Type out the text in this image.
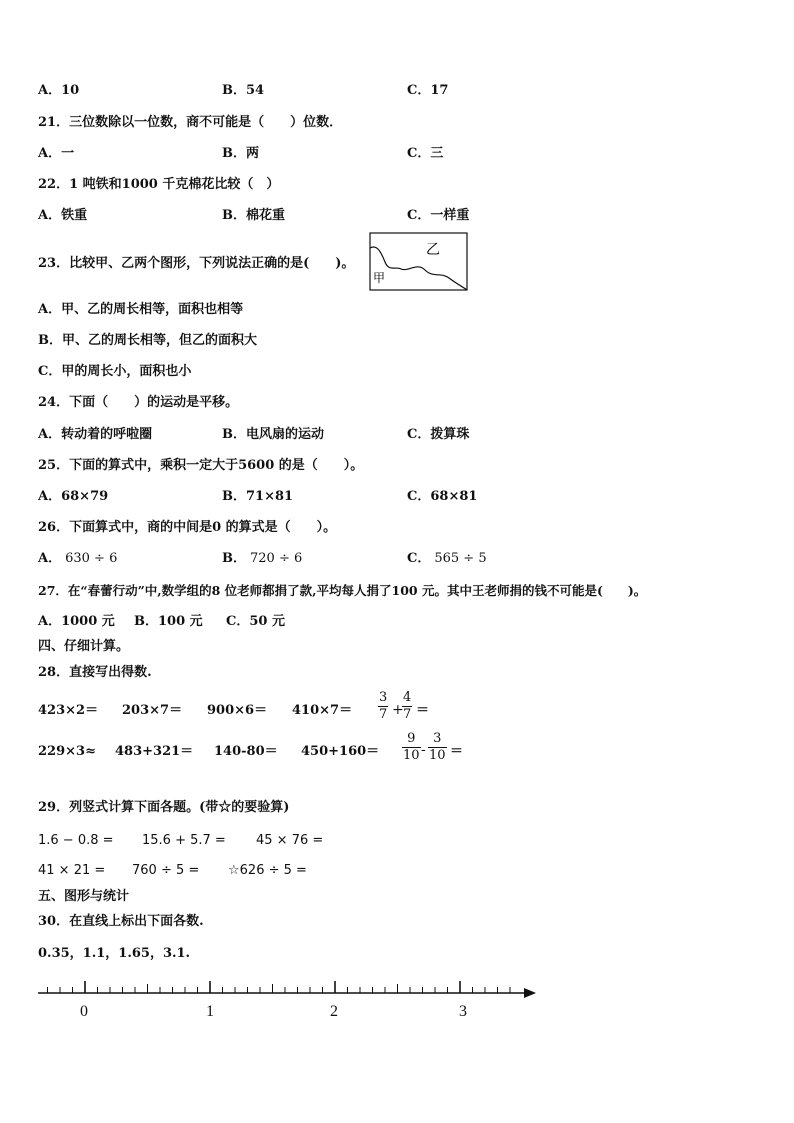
A．10	B．54	C．17
21．三位数除以一位数，商不可能是（　　）位数．
A．一	B．两	C．三
22．1 吨铁和1000 千克棉花比较（　）
A．铁重	B．棉花重	C．一样重
23．比较甲、乙两个图形，下列说法正确的是(　　)。
乙
甲
A．甲、乙的周长相等，面积也相等
B．甲、乙的周长相等，但乙的面积大
C．甲的周长小，面积也小
24．下面（　　）的运动是平移。
A．转动着的呼啦圈	B．电风扇的运动	C．拨算珠
25．下面的算式中，乘积一定大于5600 的是（　　）。
A．68×79	B．71×81	C．68×81
26．下面算式中，商的中间是0 的算式是（　　）。
A． 630 ÷ 6	B． 720 ÷ 6	C． 565 ÷ 5
27．在“春蕾行动”中,数学组的8 位老师都捐了款,平均每人捐了100 元。其中王老师捐的钱不可能是(　　)。
A．1000 元 B．100 元 C．50 元
四、仔细计算。
28．直接写出得数.
$423\times 2= 203\times 7= 900\times 6= 410\times 7= \frac{3}{7}$ +
$\frac{4}{7}$ ＝
$229\times 3\approx 483+321= 140-80= 450+160= \frac{9}{10} - \frac{3}{10}$ ＝
29．列竖式计算下面各题。(带☆的要验算)
1.6 − 0.8 = 15.6 + 5.7 = 45 × 76 =
41 × 21 = 760 ÷ 5 = ☆626 ÷ 5 =
五、图形与统计
30．在直线上标出下面各数.
0.35，1.1，1.65，3.1.
0	1	2	3
